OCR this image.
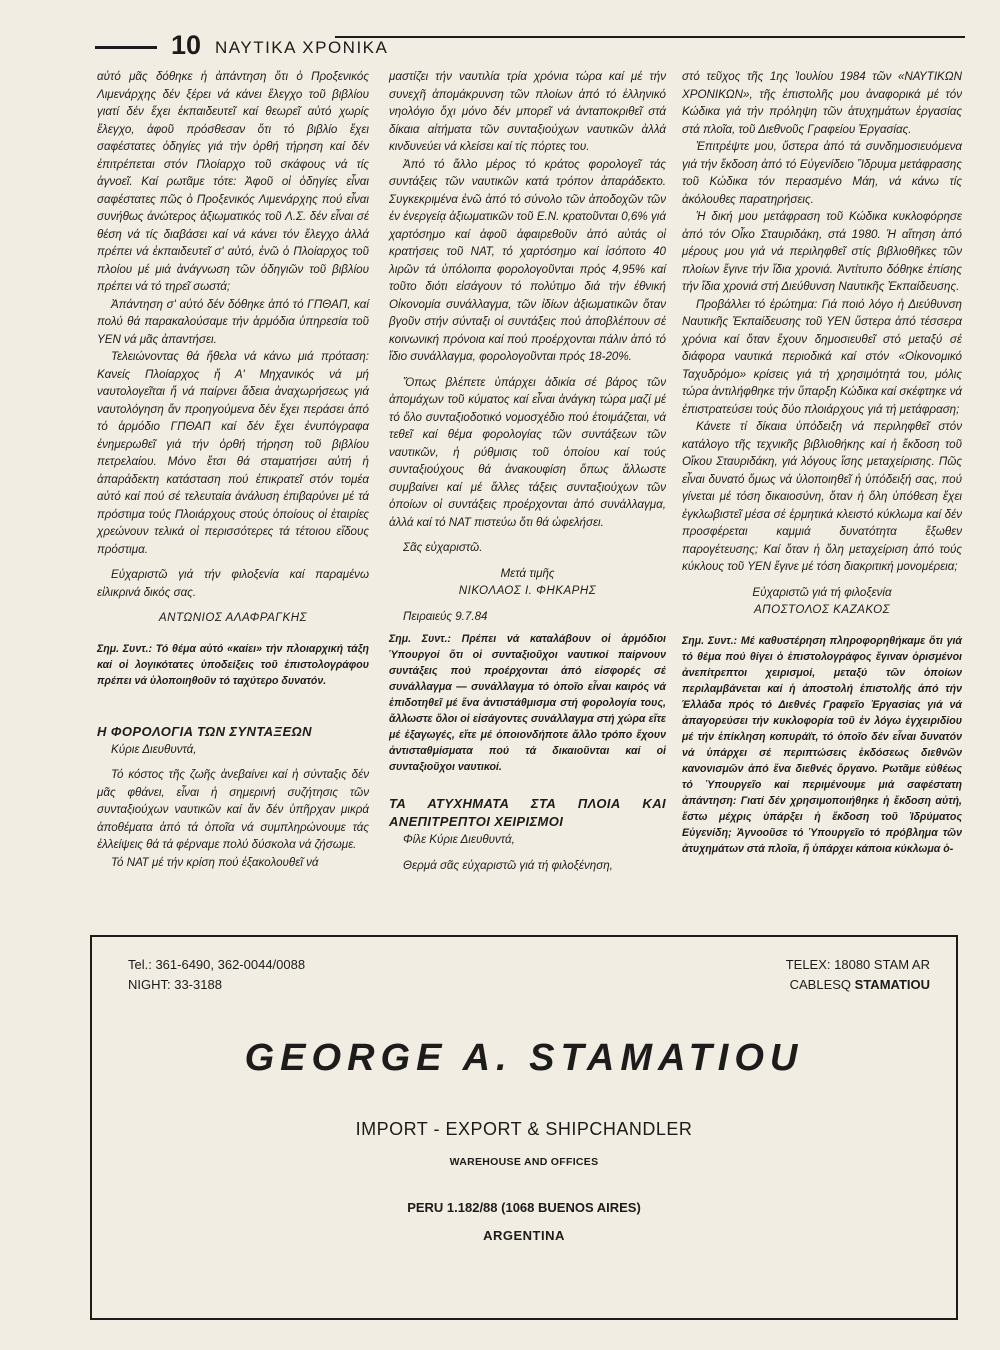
10 ΝΑΥΤΙΚΑ ΧΡΟΝΙΚΑ

αὐτό μᾶς δόθηκε ἡ ἀπάντηση ὅτι ὁ Προξενικός Λιμενάρχης δέν ξέρει νά κάνει ἔλεγχο τοῦ βιβλίου γιατί δέν ἔχει ἐκπαιδευτεῖ καί θεωρεῖ αὐτό χωρίς ἔλεγχο, ἀφοῦ πρόσθεσαν ὅτι τό βιβλίο ἔχει σαφέστατες ὁδηγίες γιά τήν ὀρθή τήρηση καί δέν ἐπιτρέπεται στόν Πλοίαρχο τοῦ σκάφους νά τίς ἀγνοεῖ. Καί ρωτᾶμε τότε: Ἀφοῦ οἱ ὁδηγίες εἶναι σαφέστατες πῶς ὁ Προξενικός Λιμενάρχης πού εἶναι συνήθως ἀνώτερος ἀξιωματικός τοῦ Λ.Σ. δέν εἶναι σέ θέση νά τίς διαβάσει καί νά κάνει τόν ἔλεγχο ἀλλά πρέπει νά ἐκπαιδευτεῖ σ' αὐτό, ἐνῶ ὁ Πλοίαρχος τοῦ πλοίου μέ μιά ἀνάγνωση τῶν ὁδηγιῶν τοῦ βιβλίου πρέπει νά τό τηρεῖ σωστά;

Ἀπάντηση σ' αὐτό δέν δόθηκε ἀπό τό ΓΠΘΑΠ, καί πολύ θά παρακαλούσαμε τήν ἁρμόδια ὑπηρεσία τοῦ ΥΕΝ νά μᾶς ἀπαντήσει.

Τελειώνοντας θά ἤθελα νά κάνω μιά πρόταση: Κανείς Πλοίαρχος ἤ Α' Μηχανικός νά μή ναυτολογεῖται ἤ νά παίρνει ἄδεια ἀναχωρήσεως γιά ναυτολόγηση ἄν προηγούμενα δέν ἔχει περάσει ἀπό τό ἁρμόδιο ΓΠΘΑΠ καί δέν ἔχει ἐνυπόγραφα ἐνημερωθεῖ γιά τήν ὀρθή τήρηση τοῦ βιβλίου πετρελαίου. Μόνο ἔτσι θά σταματήσει αὐτή ἡ ἀπαράδεκτη κατάσταση πού ἐπικρατεῖ στόν τομέα αὐτό καί πού σέ τελευταία ἀνάλυση ἐπιβαρύνει μέ τά πρόστιμα τούς Πλοιάρχους στούς ὁποίους οἱ ἑταιρίες χρεώνουν τελικά οἱ περισσότερες τά τέτοιου εἴδους πρόστιμα.

Εὐχαριστῶ γιά τήν φιλοξενία καί παραμένω εἰλικρινά δικός σας.

ΑΝΤΩΝΙΟΣ ΑΛΑΦΡΑΓΚΗΣ

Σημ. Συντ.: Τό θέμα αὐτό «καίει» τήν πλοιαρχική τάξη καί οἱ λογικότατες ὑποδείξεις τοῦ ἐπιστολογράφου πρέπει νά ὑλοποιηθοῦν τό ταχύτερο δυνατόν.

Η ΦΟΡΟΛΟΓΙΑ ΤΩΝ ΣΥΝΤΑΞΕΩΝ

Κύριε Διευθυντά,

Τό κόστος τῆς ζωῆς ἀνεβαίνει καί ἡ σύνταξις δέν μᾶς φθάνει, εἶναι ἡ σημερινή συζήτησις τῶν συνταξιούχων ναυτικῶν καί ἄν δέν ὑπῆρχαν μικρά ἀποθέματα ἀπό τά ὁποῖα νά συμπληρώνουμε τάς ἐλλείψεις θά τά φέρναμε πολύ δύσκολα νά ζήσωμε.

Τό ΝΑΤ μέ τήν κρίση πού ἐξακολουθεῖ νά

μαστίζει τήν ναυτιλία τρία χρόνια τώρα καί μέ τήν συνεχῆ ἀπομάκρυνση τῶν πλοίων ἀπό τό ἑλληνικό νηολόγιο ὄχι μόνο δέν μπορεῖ νά ἀνταποκριθεῖ στά δίκαια αἰτήματα τῶν συνταξιούχων ναυτικῶν ἀλλά κινδυνεύει νά κλείσει καί τίς πόρτες του.

Ἀπό τό ἄλλο μέρος τό κράτος φορολογεῖ τάς συντάξεις τῶν ναυτικῶν κατά τρόπον ἀπαράδεκτο. Συγκεκριμένα ἐνῶ ἀπό τό σύνολο τῶν ἀποδοχῶν τῶν ἐν ἐνεργείᾳ ἀξιωματικῶν τοῦ Ε.Ν. κρατοῦνται 0,6% γιά χαρτόσημο καί ἀφοῦ ἀφαιρεθοῦν ἀπό αὐτάς οἱ κρατήσεις τοῦ ΝΑΤ, τό χαρτόσημο καί ἰσόποτο 40 λιρῶν τά ὑπόλοιπα φορολογοῦνται πρός 4,95% καί τοῦτο διότι εἰσάγουν τό πολύτιμο διά τήν ἐθνική Οἰκονομία συνάλλαγμα, τῶν ἰδίων ἀξιωματικῶν ὅταν βγοῦν στήν σύνταξι οἱ συντάξεις πού ἀποβλέπουν σέ κοινωνική πρόνοια καί πού προέρχονται πάλιν ἀπό τό ἴδιο συνάλλαγμα, φορολογοῦνται πρός 18-20%.

Ὅπως βλέπετε ὑπάρχει ἀδικία σέ βάρος τῶν ἀπομάχων τοῦ κύματος καί εἶναι ἀνάγκη τώρα μαζί μέ τό ὅλο συνταξιοδοτικό νομοσχέδιο πού ἑτοιμάζεται, νά τεθεῖ καί θέμα φορολογίας τῶν συντάξεων τῶν ναυτικῶν, ἡ ρύθμισις τοῦ ὁποίου καί τούς συνταξιούχους θά ἀνακουφίση ὅπως ἄλλωστε συμβαίνει καί μέ ἄλλες τάξεις συνταξιούχων τῶν ὁποίων οἱ συντάξεις προέρχονται ἀπό συνάλλαγμα, ἀλλά καί τό ΝΑΤ πιστεύω ὅτι θά ὠφελήσει.

Σᾶς εὐχαριστῶ.

Μετά τιμῆς

ΝΙΚΟΛΑΟΣ Ι. ΦΗΚΑΡΗΣ

Πειραιεύς 9.7.84

Σημ. Συντ.: Πρέπει νά καταλάβουν οἱ ἁρμόδιοι Ὑπουργοί ὅτι οἱ συνταξιοῦχοι ναυτικοί παίρνουν συντάξεις πού προέρχονται ἀπό εἰσφορές σέ συνάλλαγμα — συνάλλαγμα τό ὁποῖο εἶναι καιρός νά ἐπιδοτηθεῖ μέ ἕνα ἀντιστάθμισμα στή φορολογία τους, ἄλλωστε ὅλοι οἱ εἰσάγοντες συνάλλαγμα στή χώρα εἴτε μέ ἐξαγωγές, εἴτε μέ ὁποιονδήποτε ἄλλο τρόπο ἔχουν ἀντισταθμίσματα πού τά δικαιοῦνται καί οἱ συνταξιοῦχοι ναυτικοί.

ΤΑ ΑΤΥΧΗΜΑΤΑ ΣΤΑ ΠΛΟΙΑ ΚΑΙ ΑΝΕΠΙΤΡΕΠΤΟΙ ΧΕΙΡΙΣΜΟΙ

Φίλε Κύριε Διευθυντά,

Θερμά σᾶς εὐχαριστῶ γιά τή φιλοξένηση,

στό τεῦχος τῆς 1ης Ἰουλίου 1984 τῶν «ΝΑΥΤΙΚΩΝ ΧΡΟΝΙΚΩΝ», τῆς ἐπιστολῆς μου ἀναφορικά μέ τόν Κώδικα γιά τήν πρόληψη τῶν ἀτυχημάτων ἐργασίας στά πλοῖα, τοῦ Διεθνοῦς Γραφείου Ἐργασίας.

Ἐπιτρέψτε μου, ὕστερα ἀπό τά συνδημοσιευόμενα γιά τήν ἔκδοση ἀπό τό Εὐγενίδειο Ἵδρυμα μετάφρασης τοῦ Κώδικα τόν περασμένο Μάη, νά κάνω τίς ἀκόλουθες παρατηρήσεις.

Ἡ δική μου μετάφραση τοῦ Κώδικα κυκλοφόρησε ἀπό τόν Οἶκο Σταυριδάκη, στά 1980. Ἡ αἴτηση ἀπό μέρους μου γιά νά περιληφθεῖ στίς βιβλιοθῆκες τῶν πλοίων ἔγινε τήν ἴδια χρονιά. Ἀντίτυπο δόθηκε ἐπίσης τήν ἴδια χρονιά στή Διεύθυνση Ναυτικῆς Ἐκπαίδευσης.

Προβάλλει τό ἐρώτημα: Γιά ποιό λόγο ἡ Διεύθυνση Ναυτικῆς Ἐκπαίδευσης τοῦ ΥΕΝ ὕστερα ἀπό τέσσερα χρόνια καί ὅταν ἔχουν δημοσιευθεῖ στό μεταξύ σέ διάφορα ναυτικά περιοδικά καί στόν «Οἰκονομικό Ταχυδρόμο» κρίσεις γιά τή χρησιμότητά του, μόλις τώρα ἀντιλήφθηκε τήν ὕπαρξη Κώδικα καί σκέφτηκε νά ἐπιστρατεύσει τούς δύο πλοιάρχους γιά τή μετάφραση;

Κάνετε τί δίκαια ὑπόδειξη νά περιληφθεῖ στόν κατάλογο τῆς τεχνικῆς βιβλιοθήκης καί ἡ ἔκδοση τοῦ Οἴκου Σταυριδάκη, γιά λόγους ἴσης μεταχείρισης. Πῶς εἶναι δυνατό ὅμως νά ὑλοποιηθεῖ ἡ ὑπόδειξή σας, πού γίνεται μέ τόση δικαιοσύνη, ὅταν ἡ ὅλη ὑπόθεση ἔχει ἐγκλωβιστεῖ μέσα σέ ἑρμητικά κλειστό κύκλωμα καί δέν προσφέρεται καμμιά δυνατότητα ἔξωθεν παρογέτευσης; Καί ὅταν ἡ ὅλη μεταχείριση ἀπό τούς κύκλους τοῦ ΥΕΝ ἔγινε μέ τόση διακριτική μονομέρεια;

Εὐχαριστῶ γιά τή φιλοξενία

ΑΠΟΣΤΟΛΟΣ ΚΑΖΑΚΟΣ

Σημ. Συντ.: Μέ καθυστέρηση πληροφορηθήκαμε ὅτι γιά τό θέμα πού θίγει ὁ ἐπιστολογράφος ἔγιναν ὁρισμένοι ἀνεπίτρεπτοι χειρισμοί, μεταξύ τῶν ὁποίων περιλαμβάνεται καί ἡ ἀποστολή ἐπιστολῆς ἀπό τήν Ἑλλάδα πρός τό Διεθνές Γραφεῖο Ἐργασίας γιά νά ἀπαγορεύσει τήν κυκλοφορία τοῦ ἐν λόγω ἐγχειριδίου μέ τήν ἐπίκληση κοπυράϊτ, τό ὁποῖο δέν εἶναι δυνατόν νά ὑπάρχει σέ περιπτώσεις ἐκδόσεως διεθνῶν κανονισμῶν ἀπό ἕνα διεθνές ὄργανο. Ρωτᾶμε εὐθέως τό Ὑπουργεῖο καί περιμένουμε μιά σαφέστατη ἀπάντηση: Γιατί δέν χρησιμοποιήθηκε ἡ ἔκδοση αὐτή, ἔστω μέχρις ὑπάρξει ἡ ἔκδοση τοῦ Ἱδρύματος Εὐγενίδη; Ἀγνοοῦσε τό Ὑπουργεῖο τό πρόβλημα τῶν ἀτυχημάτων στά πλοῖα, ἤ ὑπάρχει κάποια κύκλωμα ὁ-

Tel.: 361-6490, 362-0044/0088
NIGHT: 33-3188
TELEX: 18080 STAM AR
CABLESQ STAMATIOU
GEORGE A. STAMATIOU
IMPORT - EXPORT & SHIPCHANDLER
WAREHOUSE AND OFFICES
PERU 1.182/88 (1068 BUENOS AIRES)
ARGENTINA
